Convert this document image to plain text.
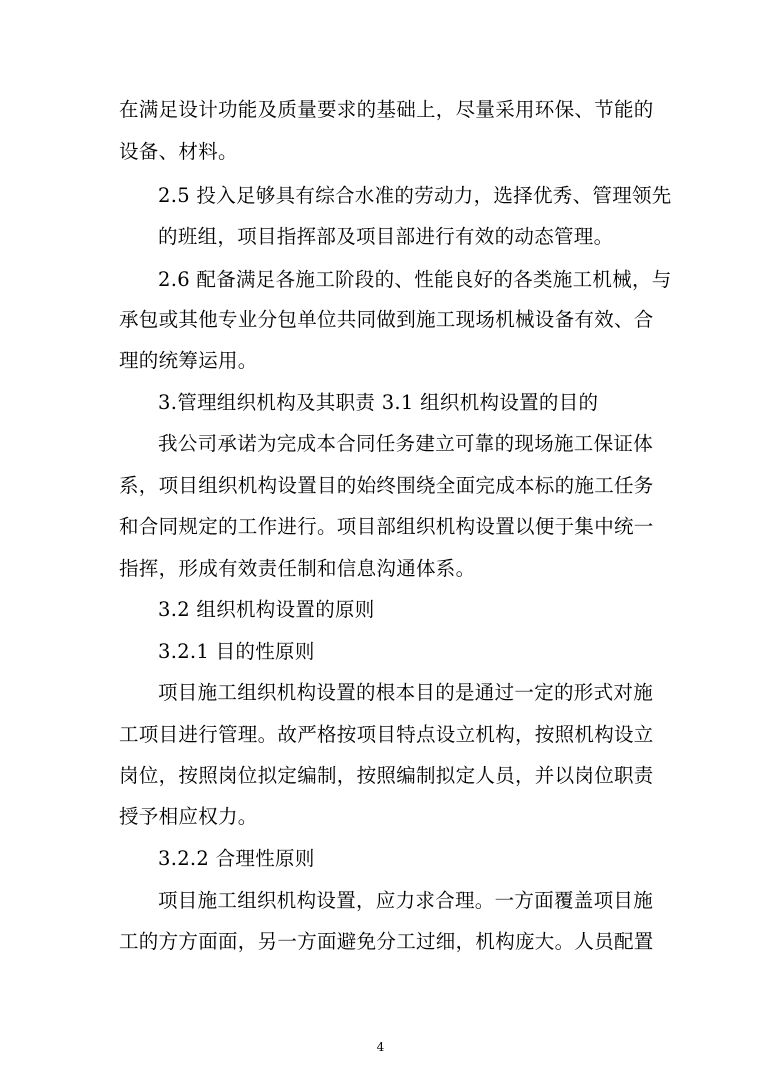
在满足设计功能及质量要求的基础上，尽量采用环保、节能的
设备、材料。
2.5 投入足够具有综合水准的劳动力，选择优秀、管理领先
的班组，项目指挥部及项目部进行有效的动态管理。
2.6 配备满足各施工阶段的、性能良好的各类施工机械，与
承包或其他专业分包单位共同做到施工现场机械设备有效、合
理的统筹运用。
3.管理组织机构及其职责 3.1 组织机构设置的目的
我公司承诺为完成本合同任务建立可靠的现场施工保证体
系，项目组织机构设置目的始终围绕全面完成本标的施工任务
和合同规定的工作进行。项目部组织机构设置以便于集中统一
指挥，形成有效责任制和信息沟通体系。
3.2 组织机构设置的原则
3.2.1 目的性原则
项目施工组织机构设置的根本目的是通过一定的形式对施
工项目进行管理。故严格按项目特点设立机构，按照机构设立
岗位，按照岗位拟定编制，按照编制拟定人员，并以岗位职责
授予相应权力。
3.2.2 合理性原则
项目施工组织机构设置，应力求合理。一方面覆盖项目施
工的方方面面，另一方面避免分工过细，机构庞大。人员配置
4
